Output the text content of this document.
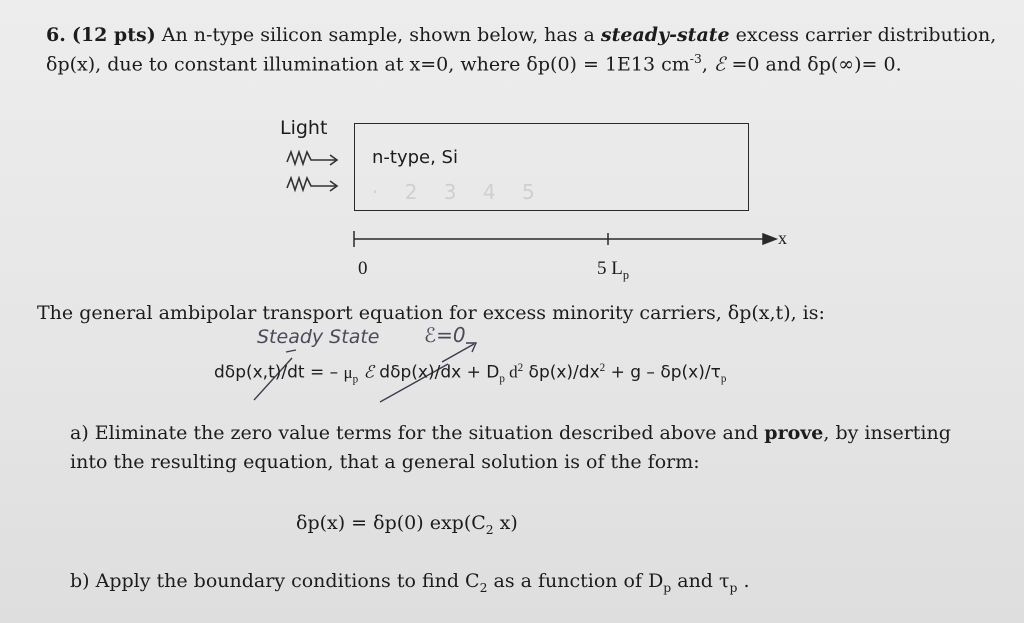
6. (12 pts) An n-type silicon sample, shown below, has a steady-state excess carrier distribution,
δp(x), due to constant illumination at x=0, where δp(0) = 1E13 $cm^{-3}$, ℰ =0 and δp(∞)= 0.
Light
n-type, Si
· 2 3 4 5
x
0	5 $L_p$
The general ambipolar transport equation for excess minority carriers, δp(x,t), is:
Steady State ℰ=0
dδp(x,t)/dt = – $\mu_p$ ℰ $d\delta p(x)/dx + D_p$ $d^2$ $\delta p(x)/dx^2 + g - \delta p(x)/\tau_p$
a) Eliminate the zero value terms for the situation described above and prove, by inserting
into the resulting equation, that a general solution is of the form:
δp(x) = δp(0) $\exp(C_2$ x)
b) Apply the boundary conditions to find $C_2$ as a function of $D_p$ and $\tau_p$ .
